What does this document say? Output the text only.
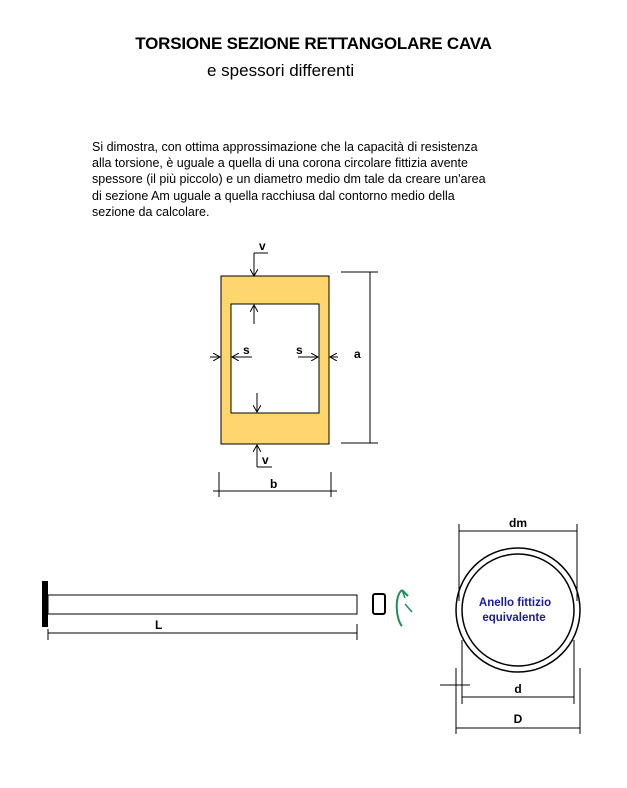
TORSIONE SEZIONE RETTANGOLARE CAVA
e spessori differenti
Si dimostra, con ottima approssimazione che la capacità di resistenza
alla torsione, è uguale a quella di una corona circolare fittizia avente
spessore (il più piccolo) e un diametro medio dm tale da creare un'area
di sezione Am uguale a quella racchiusa dal contorno medio della
sezione da calcolare.
v
v
s	s	a
b
L
Anello fittizio
equivalente
dm
d
D
